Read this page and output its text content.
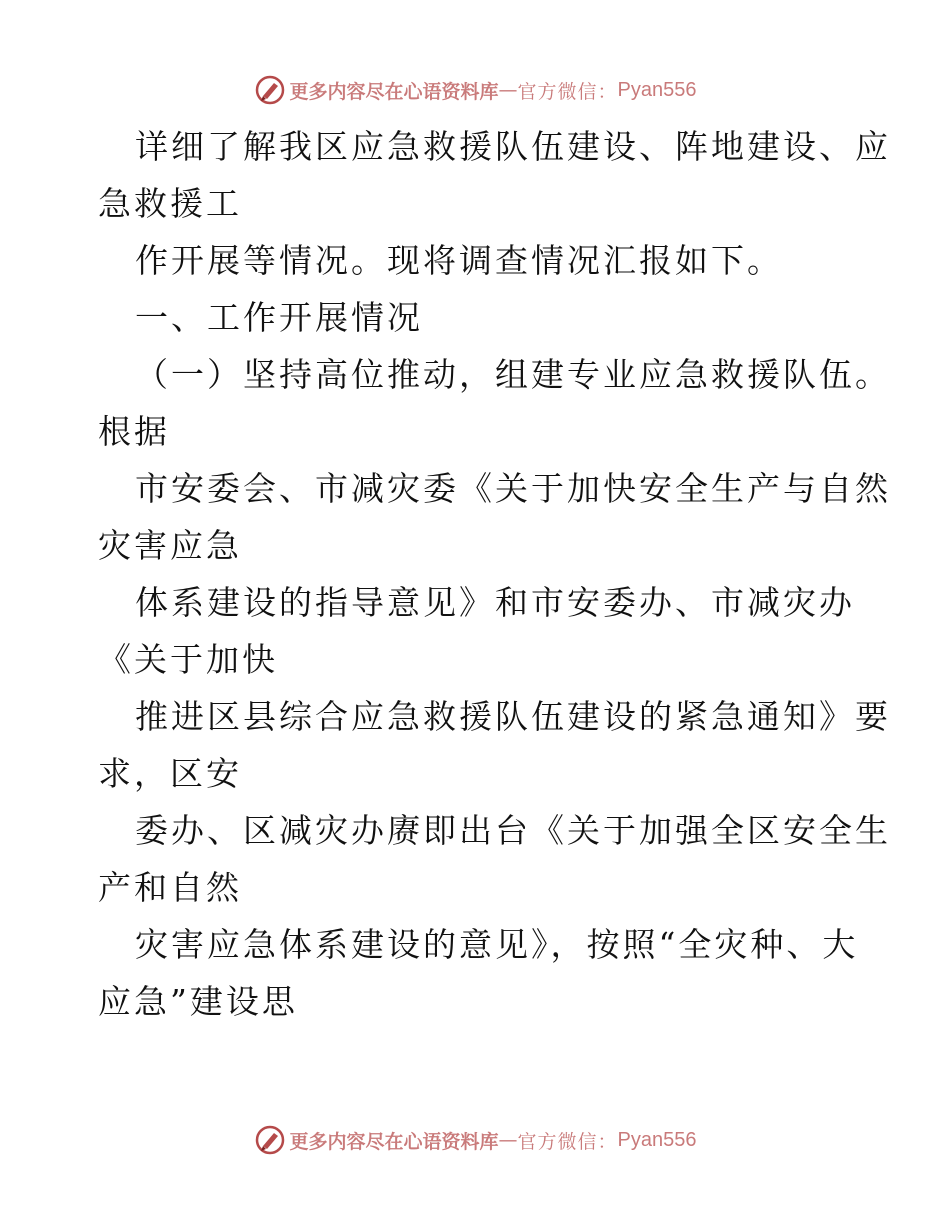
更多内容尽在心语资料库 — 官方微信： Pyan556
详细了解我区应急救援队伍建设、阵地建设、应
急救援工
作开展等情况。现将调查情况汇报如下。
一、工作开展情况
（一）坚持高位推动，组建专业应急救援队伍。
根据
市安委会、市减灾委《关于加快安全生产与自然
灾害应急
体系建设的指导意见》和市安委办、市减灾办
《关于加快
推进区县综合应急救援队伍建设的紧急通知》要
求，区安
委办、区减灾办赓即出台《关于加强全区安全生
产和自然
灾害应急体系建设的意见》，按照“全灾种、大
应急”建设思
更多内容尽在心语资料库 — 官方微信： Pyan556
